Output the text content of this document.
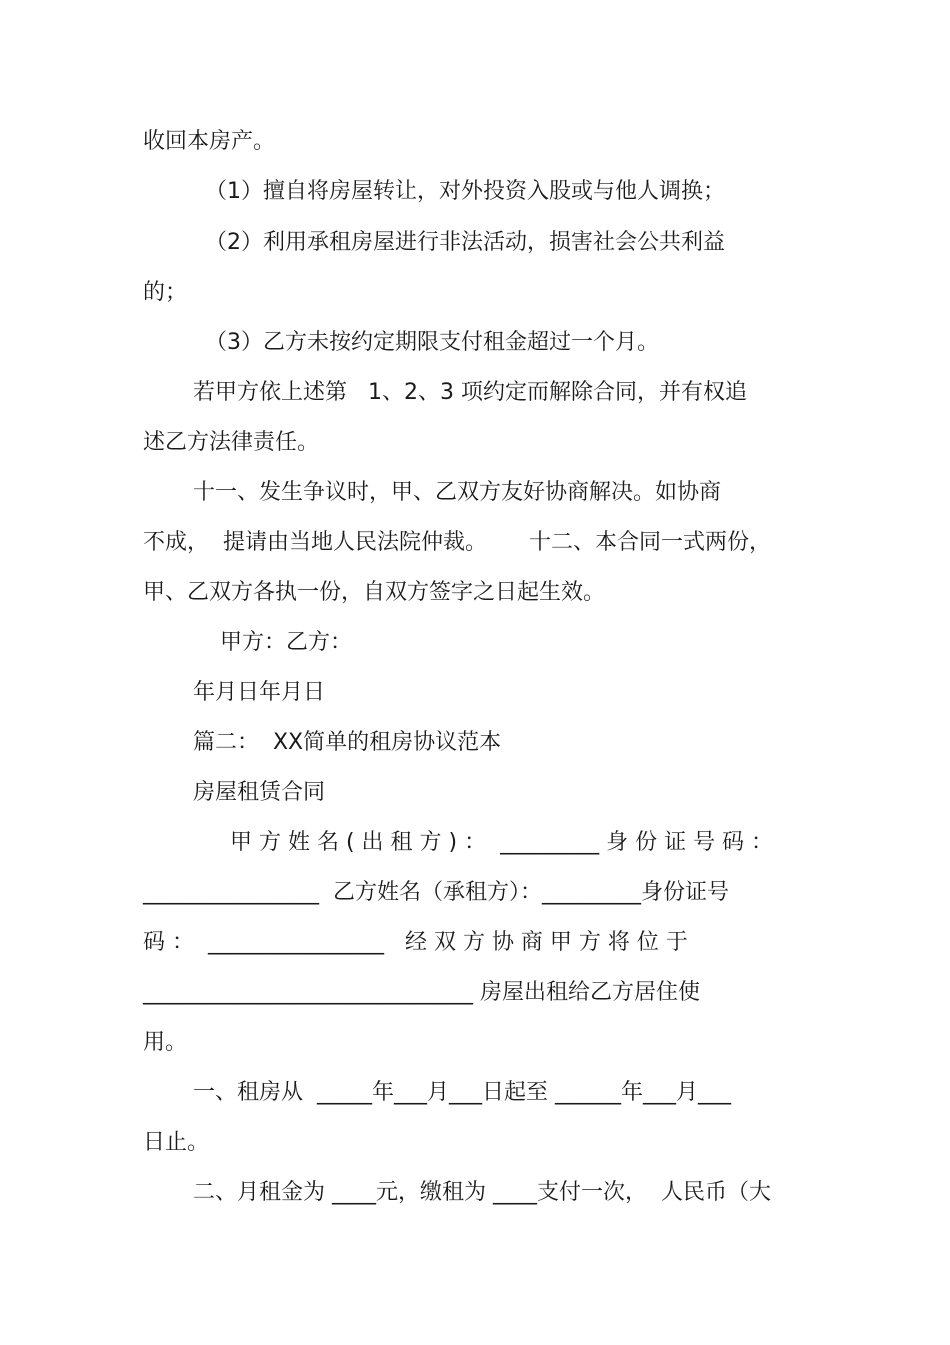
收回本房产。
（1）擅自将房屋转让，对外投资入股或与他人调换；
（2）利用承租房屋进行非法活动，损害社会公共利益
的；
（3）乙方未按约定期限支付租金超过一个月。
若甲方依上述第   1、2、3 项约定而解除合同，并有权追
述乙方法律责任。
十一、发生争议时，甲、乙双方友好协商解决。如协商
不成，  提请由当地人民法院仲裁。      十二、本合同一式两份，
甲、乙双方各执一份，自双方签字之日起生效。
甲方：乙方：
年月日年月日
篇二：  XX简单的租房协议范本
房屋租赁合同
甲 方 姓 名 ( 出 租 方 ) ：  _________ 身 份 证 号 码 ：
________________  乙方姓名（承租方）：_________身份证号
码 ：  ________________   经 双 方 协 商 甲 方 将 位 于
______________________________ 房屋出租给乙方居住使
用。
一、租房从  _____年___月___日起至 ______年___月___
日止。
二、月租金为 ____元，缴租为 ____支付一次，  人民币（大
